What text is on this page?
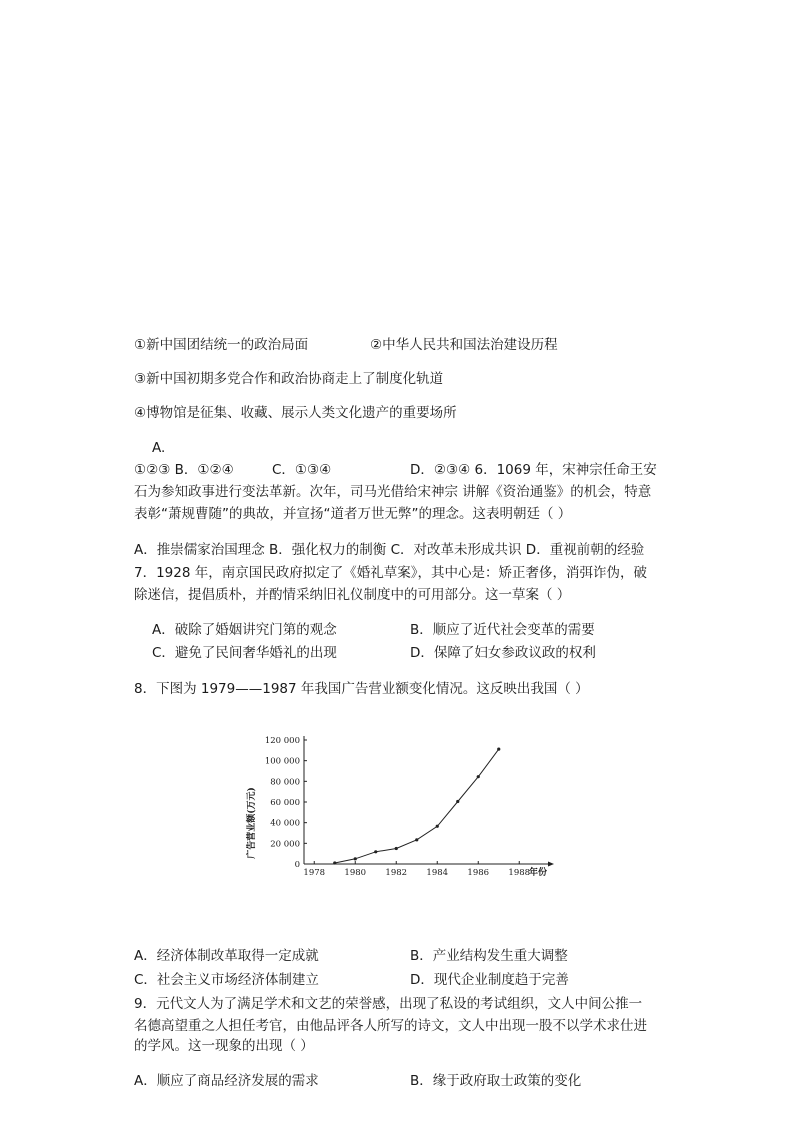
①新中国团结统一的政治局面	②中华人民共和国法治建设历程
③新中国初期多党合作和政治协商走上了制度化轨道
④博物馆是征集、收藏、展示人类文化遗产的重要场所
A.
①②③ B．①②④	C．①③④	D．②③④ 6．1069 年，宋神宗任命王安
石为参知政事进行变法革新。次年，司马光借给宋神宗 讲解《资治通鉴》的机会，特意
表彰“萧规曹随”的典故，并宣扬“道者万世无弊”的理念。这表明朝廷（ ）
A．推崇儒家治国理念 B．强化权力的制衡 C．对改革未形成共识 D．重视前朝的经验
7．1928 年，南京国民政府拟定了《婚礼草案》，其中心是：矫正奢侈，消弭诈伪，破
除迷信，提倡质朴，并酌情采纳旧礼仪制度中的可用部分。这一草案（ ）
A．破除了婚姻讲究门第的观念	B．顺应了近代社会变革的需要
C．避免了民间奢华婚礼的出现	D．保障了妇女参政议政的权利
8．下图为 1979——1987 年我国广告营业额变化情况。这反映出我国（ ）
0
20 000
40 000
60 000
80 000
100 000
120 000
1978 1980 1982 1984 1986 1988
广告营业额(万元)
年份
A．经济体制改革取得一定成就	B．产业结构发生重大调整
C．社会主义市场经济体制建立	D．现代企业制度趋于完善
9．元代文人为了满足学术和文艺的荣誉感，出现了私设的考试组织，文人中间公推一
名德高望重之人担任考官，由他品评各人所写的诗文，文人中出现一股不以学术求仕进
的学风。这一现象的出现（ ）
A．顺应了商品经济发展的需求	B．缘于政府取士政策的变化
